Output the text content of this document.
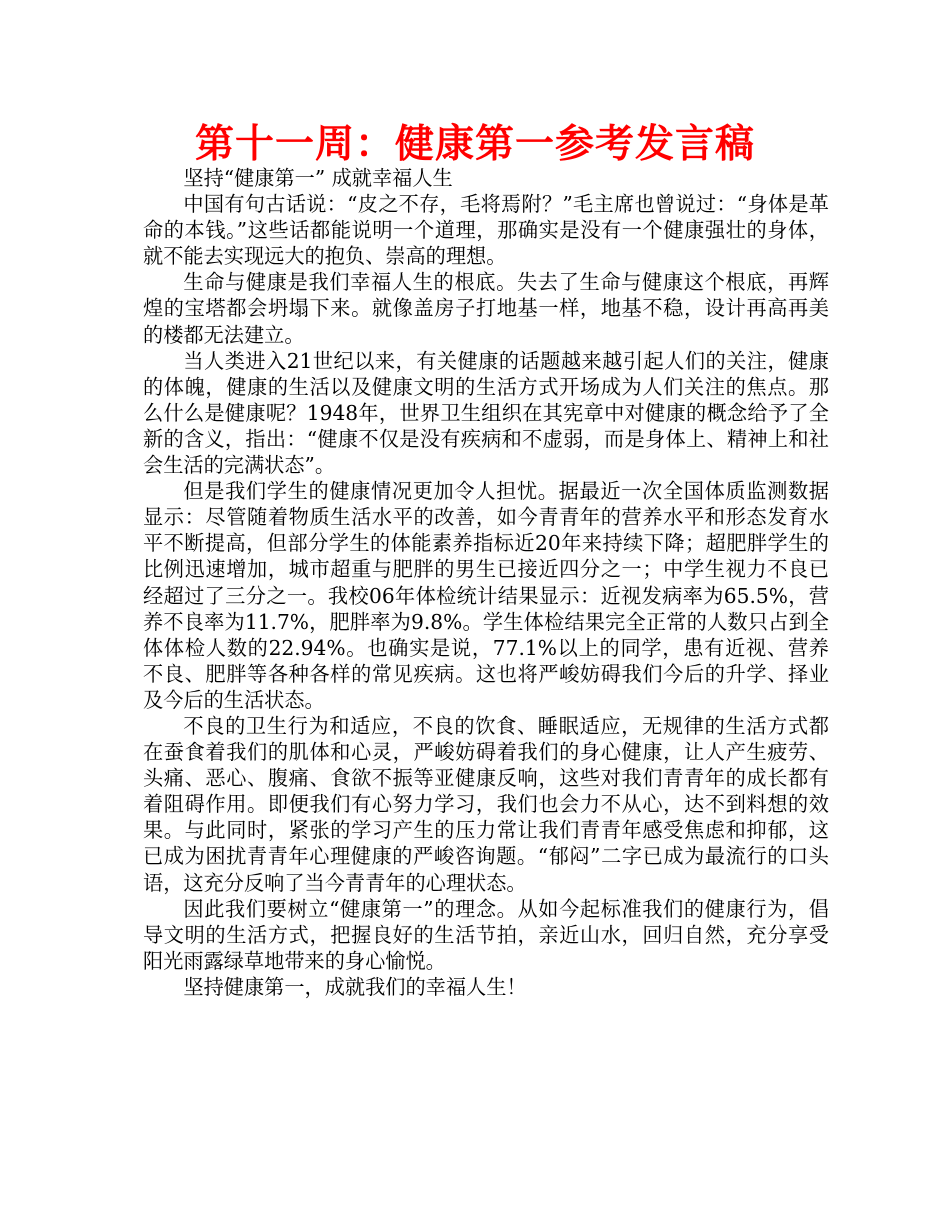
第十一周：健康第一参考发言稿

坚持“健康第一” 成就幸福人生

中国有句古话说：“皮之不存，毛将焉附？”毛主席也曾说过：“身体是革命的本钱。”这些话都能说明一个道理，那确实是没有一个健康强壮的身体，就不能去实现远大的抱负、崇高的理想。

生命与健康是我们幸福人生的根底。失去了生命与健康这个根底，再辉煌的宝塔都会坍塌下来。就像盖房子打地基一样，地基不稳，设计再高再美的楼都无法建立。

当人类进入21世纪以来，有关健康的话题越来越引起人们的关注，健康的体魄，健康的生活以及健康文明的生活方式开场成为人们关注的焦点。那么什么是健康呢？1948年，世界卫生组织在其宪章中对健康的概念给予了全新的含义，指出：“健康不仅是没有疾病和不虚弱，而是身体上、精神上和社会生活的完满状态”。

但是我们学生的健康情况更加令人担忧。据最近一次全国体质监测数据显示：尽管随着物质生活水平的改善，如今青青年的营养水平和形态发育水平不断提高，但部分学生的体能素养指标近20年来持续下降；超肥胖学生的比例迅速增加，城市超重与肥胖的男生已接近四分之一；中学生视力不良已经超过了三分之一。我校06年体检统计结果显示：近视发病率为65.5%，营养不良率为11.7%，肥胖率为9.8%。学生体检结果完全正常的人数只占到全体体检人数的22.94%。也确实是说，77.1%以上的同学，患有近视、营养不良、肥胖等各种各样的常见疾病。这也将严峻妨碍我们今后的升学、择业及今后的生活状态。

不良的卫生行为和适应，不良的饮食、睡眠适应，无规律的生活方式都在蚕食着我们的肌体和心灵，严峻妨碍着我们的身心健康，让人产生疲劳、头痛、恶心、腹痛、食欲不振等亚健康反响，这些对我们青青年的成长都有着阻碍作用。即便我们有心努力学习，我们也会力不从心，达不到料想的效果。与此同时，紧张的学习产生的压力常让我们青青年感受焦虑和抑郁，这已成为困扰青青年心理健康的严峻咨询题。“郁闷”二字已成为最流行的口头语，这充分反响了当今青青年的心理状态。

因此我们要树立“健康第一”的理念。从如今起标准我们的健康行为，倡导文明的生活方式，把握良好的生活节拍，亲近山水，回归自然，充分享受阳光雨露绿草地带来的身心愉悦。

坚持健康第一，成就我们的幸福人生！
